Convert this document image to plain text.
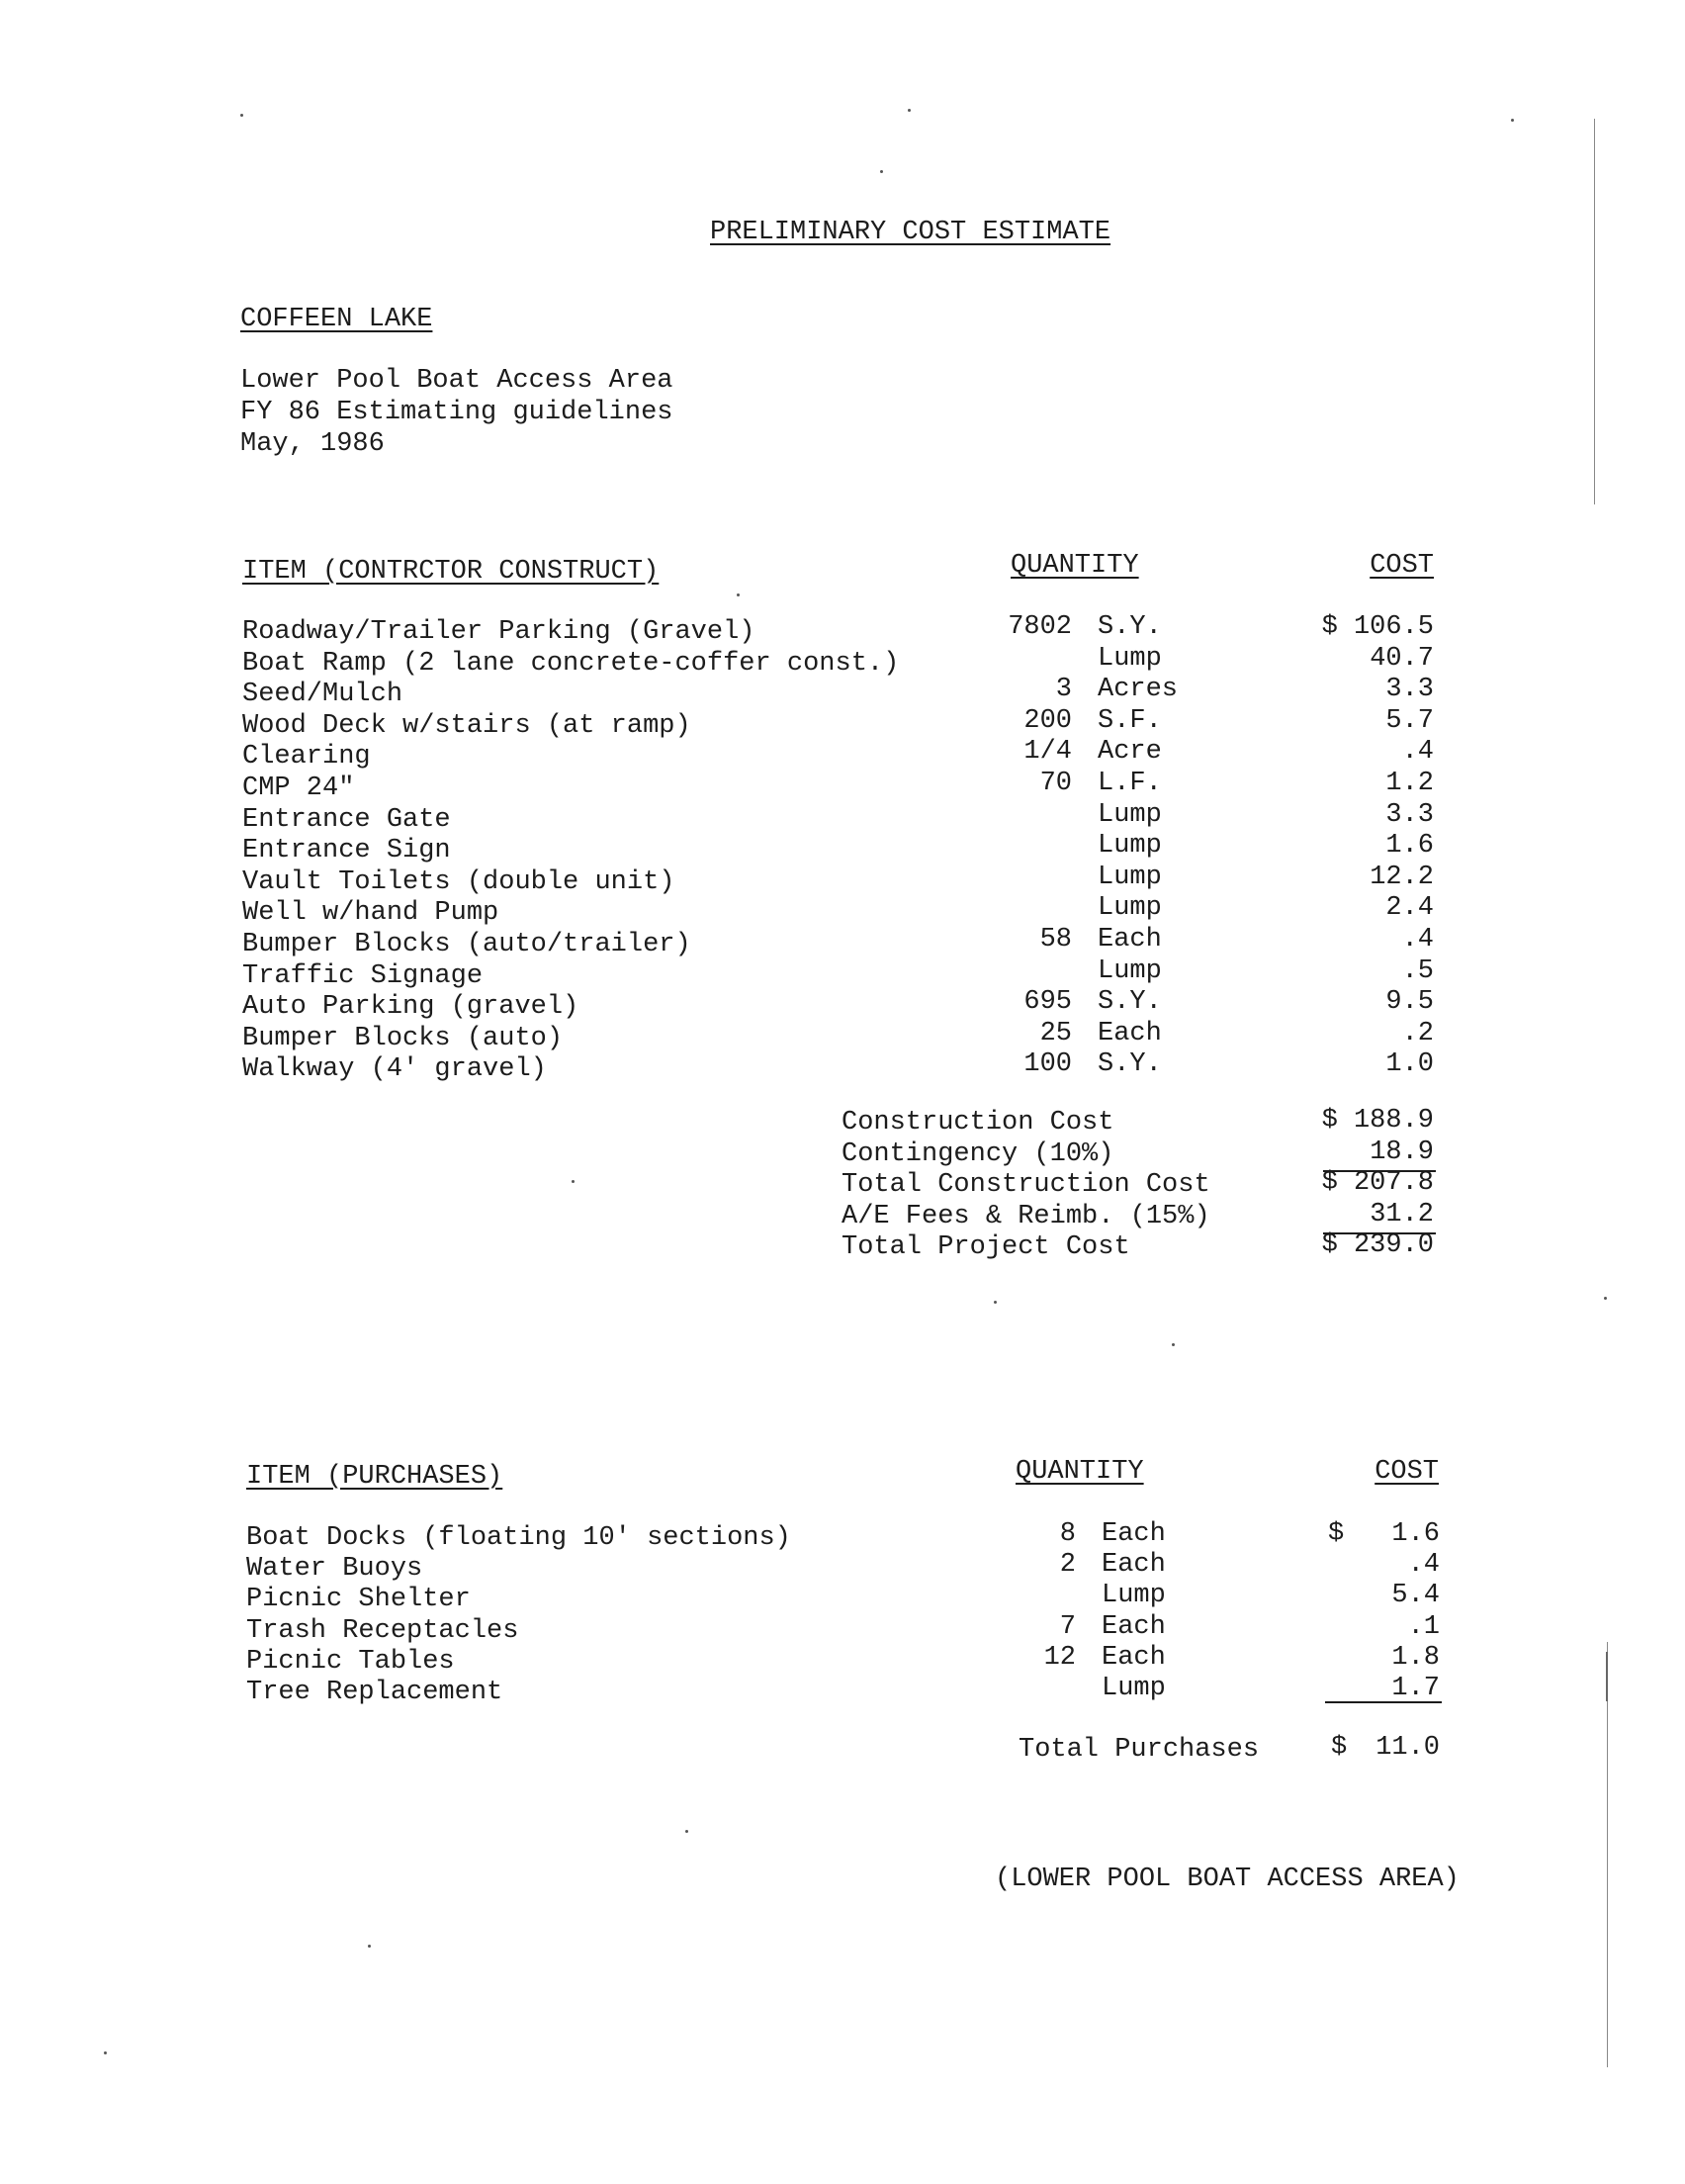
PRELIMINARY COST ESTIMATE
COFFEEN LAKE
Lower Pool Boat Access Area
FY 86 Estimating guidelines
May, 1986
ITEM (CONTRCTOR CONSTRUCT)	QUANTITY	COST
Roadway/Trailer Parking (Gravel)	7802 S.Y.	$ 106.5
Boat Ramp (2 lane concrete-coffer const.)	Lump	40.7
Seed/Mulch	3 Acres	3.3
Wood Deck w/stairs (at ramp)	200 S.F.	5.7
Clearing	1/4 Acre	.4
CMP 24"	70 L.F.	1.2
Entrance Gate	Lump	3.3
Entrance Sign	Lump	1.6
Vault Toilets (double unit)	Lump	12.2
Well w/hand Pump	Lump	2.4
Bumper Blocks (auto/trailer)	58 Each	.4
Traffic Signage	Lump	.5
Auto Parking (gravel)	695 S.Y.	9.5
Bumper Blocks (auto)	25 Each	.2
Walkway (4' gravel)	100 S.Y.	1.0
Construction Cost	$ 188.9
Contingency (10%)	18.9
Total Construction Cost	$ 207.8
A/E Fees & Reimb. (15%)	31.2
Total Project Cost	$ 239.0
ITEM (PURCHASES)	QUANTITY	COST
Boat Docks (floating 10' sections)	8 Each	1.6
Water Buoys	2 Each	.4
Picnic Shelter	Lump	5.4
Trash Receptacles	7 Each	.1
Picnic Tables	12 Each	1.8
Tree Replacement	Lump	1.7
$
Total Purchases	$	11.0
(LOWER POOL BOAT ACCESS AREA)
